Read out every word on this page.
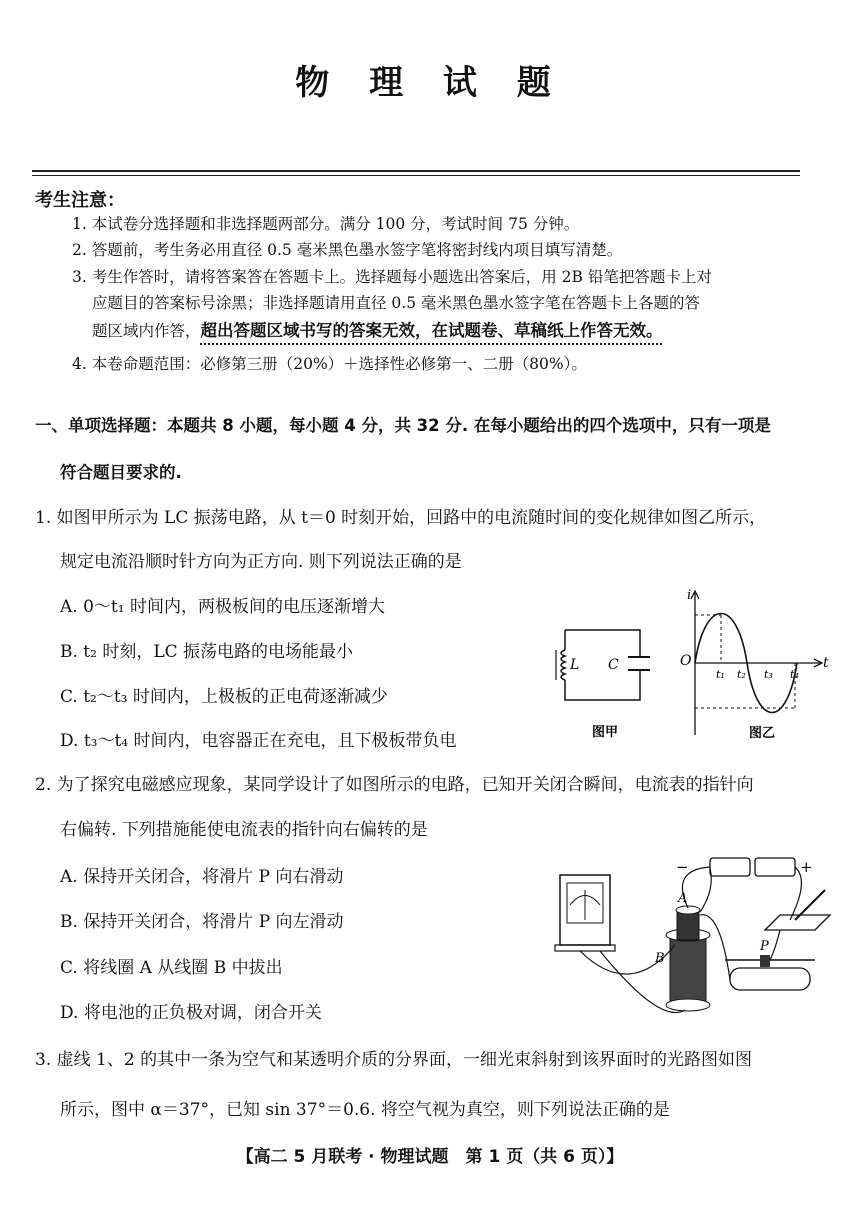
物 理 试 题
考生注意：
1. 本试卷分选择题和非选择题两部分。满分 100 分，考试时间 75 分钟。
2. 答题前，考生务必用直径 0.5 毫米黑色墨水签字笔将密封线内项目填写清楚。
3. 考生作答时，请将答案答在答题卡上。选择题每小题选出答案后，用 2B 铅笔把答题卡上对
应题目的答案标号涂黑；非选择题请用直径 0.5 毫米黑色墨水签字笔在答题卡上各题的答
题区域内作答，超出答题区域书写的答案无效，在试题卷、草稿纸上作答无效。
4. 本卷命题范围：必修第三册（20%）＋选择性必修第一、二册（80%）。
一、单项选择题：本题共 8 小题，每小题 4 分，共 32 分. 在每小题给出的四个选项中，只有一项是
符合题目要求的.
1. 如图甲所示为 LC 振荡电路，从 t＝0 时刻开始，回路中的电流随时间的变化规律如图乙所示，
规定电流沿顺时针方向为正方向. 则下列说法正确的是
A. 0～t₁ 时间内，两极板间的电压逐渐增大
B. t₂ 时刻，LC 振荡电路的电场能最小
C. t₂～t₃ 时间内，上极板的正电荷逐渐减少
D. t₃～t₄ 时间内，电容器正在充电，且下极板带负电
L C
图甲
i
O	t
t₁ t₂ t₃ t₄
图乙
2. 为了探究电磁感应现象，某同学设计了如图所示的电路，已知开关闭合瞬间，电流表的指针向
右偏转. 下列措施能使电流表的指针向右偏转的是
A. 保持开关闭合，将滑片 P 向右滑动
B. 保持开关闭合，将滑片 P 向左滑动
C. 将线圈 A 从线圈 B 中拔出
D. 将电池的正负极对调，闭合开关
A
B
P
−	+
3. 虚线 1、2 的其中一条为空气和某透明介质的分界面，一细光束斜射到该界面时的光路图如图
所示，图中 α＝37°，已知 sin 37°＝0.6. 将空气视为真空，则下列说法正确的是
【高二 5 月联考 · 物理试题　第 1 页（共 6 页）】
